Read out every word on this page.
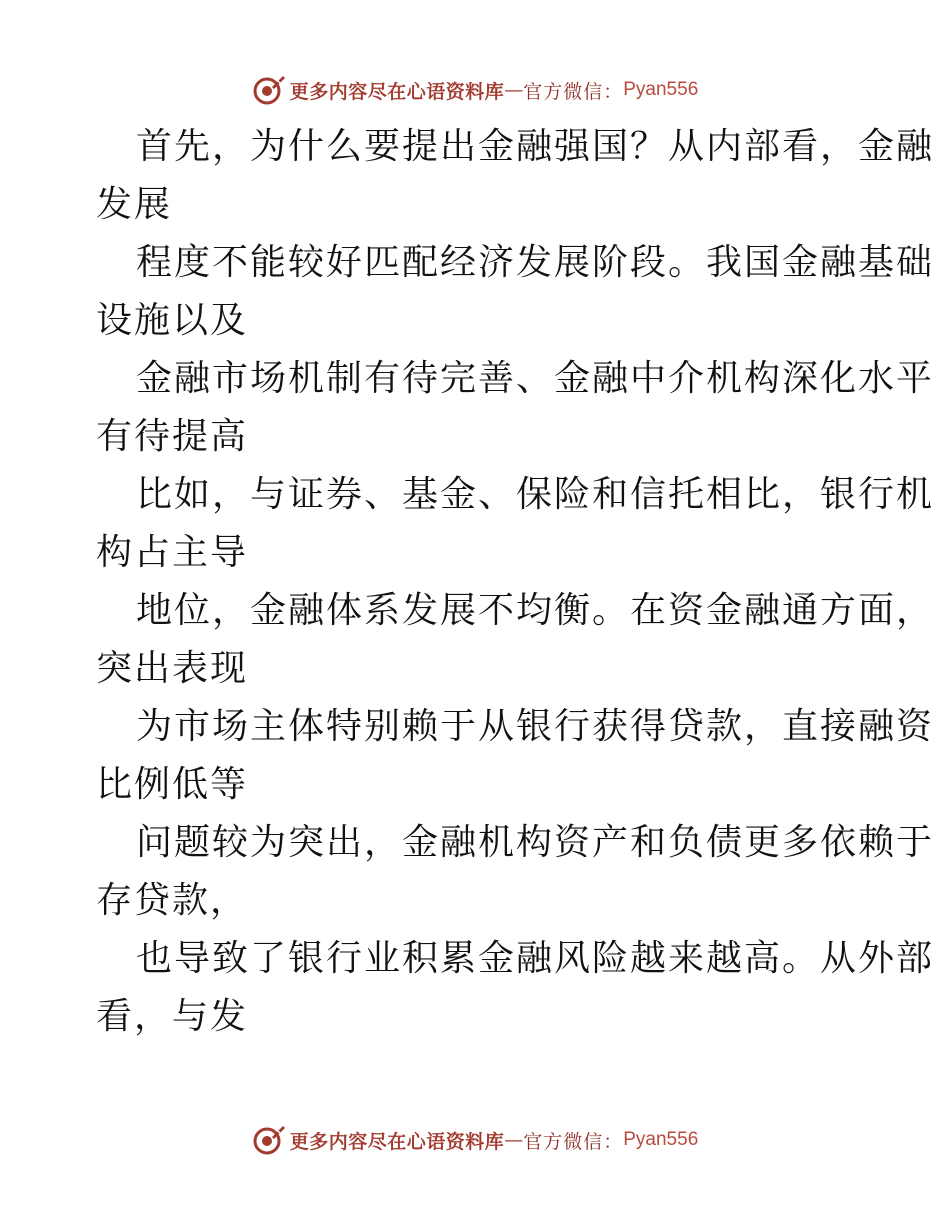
更多内容尽在心语资料库 — 官方微信： Pyan556
首先，为什么要提出金融强国？从内部看，金融
发展
程度不能较好匹配经济发展阶段。我国金融基础
设施以及
金融市场机制有待完善、金融中介机构深化水平
有待提高
比如，与证券、基金、保险和信托相比，银行机
构占主导
地位，金融体系发展不均衡。在资金融通方面，
突出表现
为市场主体特别赖于从银行获得贷款，直接融资
比例低等
问题较为突出，金融机构资产和负债更多依赖于
存贷款，
也导致了银行业积累金融风险越来越高。从外部
看，与发
更多内容尽在心语资料库 — 官方微信： Pyan556
